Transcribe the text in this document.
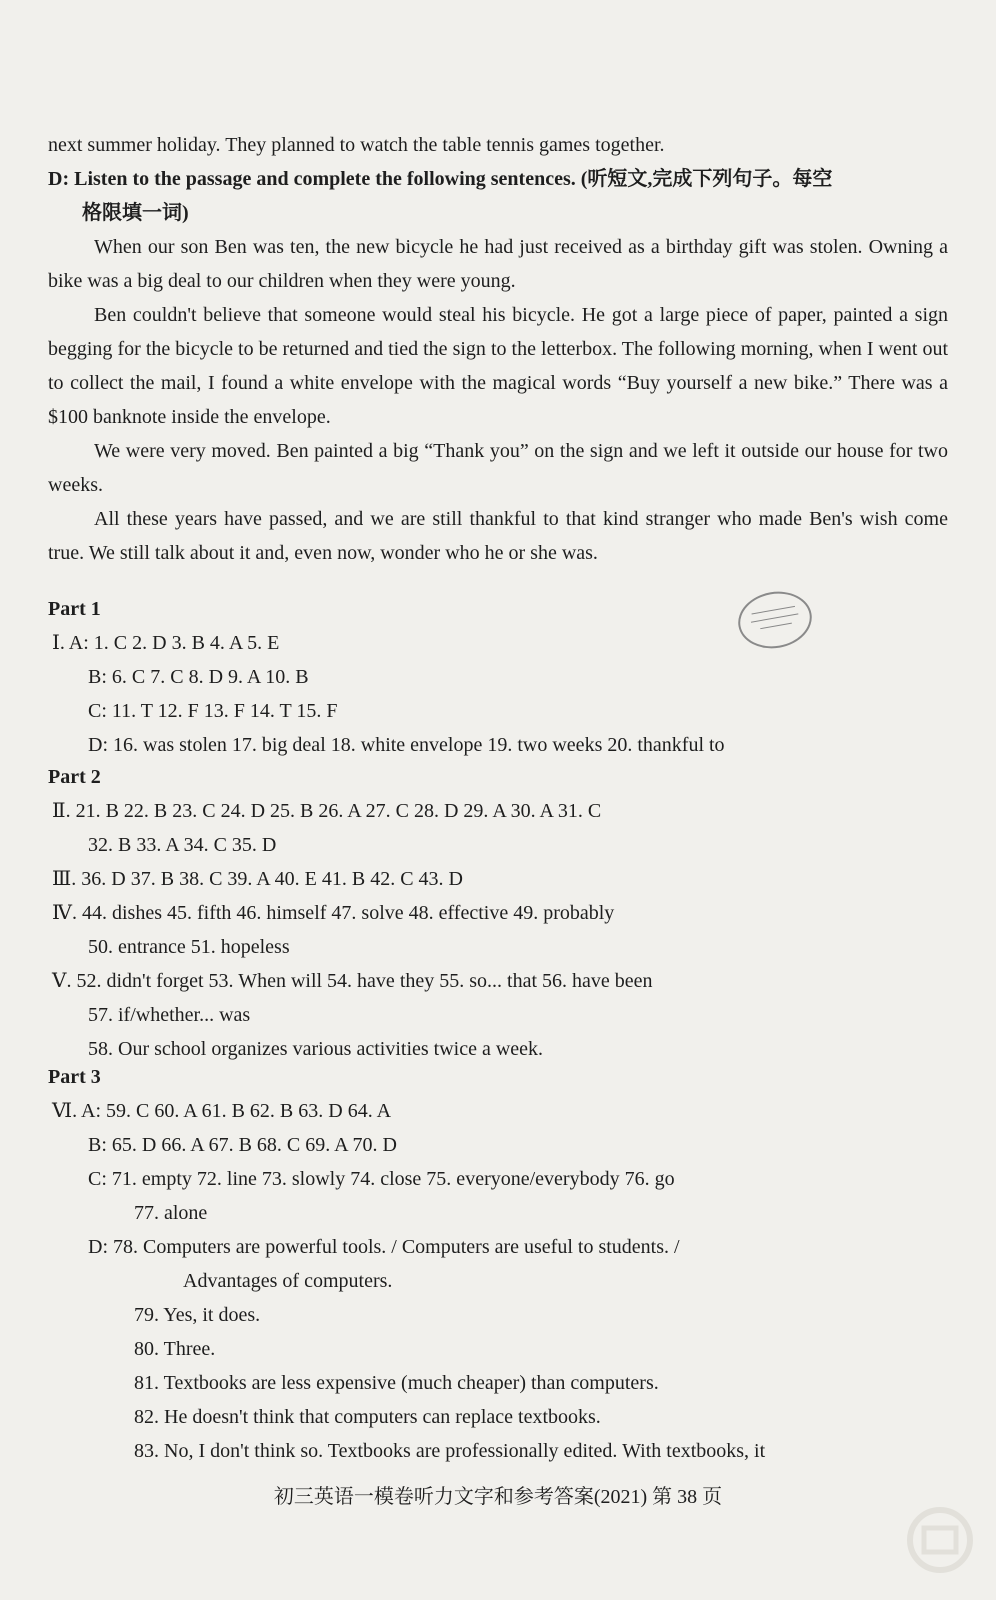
next summer holiday. They planned to watch the table tennis games together.
D: Listen to the passage and complete the following sentences. (听短文,完成下列句子。每空
格限填一词)

When our son Ben was ten, the new bicycle he had just received as a birthday gift was stolen. Owning a bike was a big deal to our children when they were young.

Ben couldn't believe that someone would steal his bicycle. He got a large piece of paper, painted a sign begging for the bicycle to be returned and tied the sign to the letterbox. The following morning, when I went out to collect the mail, I found a white envelope with the magical words “Buy yourself a new bike.” There was a $100 banknote inside the envelope.

We were very moved. Ben painted a big “Thank you” on the sign and we left it outside our house for two weeks.

All these years have passed, and we are still thankful to that kind stranger who made Ben's wish come true. We still talk about it and, even now, wonder who he or she was.

Part 1
Ⅰ. A: 1. C 2. D 3. B 4. A 5. E
B: 6. C 7. C 8. D 9. A 10. B
C: 11. T 12. F 13. F 14. T 15. F
D: 16. was stolen 17. big deal 18. white envelope 19. two weeks 20. thankful to
Part 2
Ⅱ. 21. B 22. B 23. C 24. D 25. B 26. A 27. C 28. D 29. A 30. A 31. C
32. B 33. A 34. C 35. D
Ⅲ. 36. D 37. B 38. C 39. A 40. E 41. B 42. C 43. D
Ⅳ. 44. dishes 45. fifth 46. himself 47. solve 48. effective 49. probably
50. entrance 51. hopeless
Ⅴ. 52. didn't forget 53. When will 54. have they 55. so... that 56. have been
57. if/whether... was
58. Our school organizes various activities twice a week.
Part 3
Ⅵ. A: 59. C 60. A 61. B 62. B 63. D 64. A
B: 65. D 66. A 67. B 68. C 69. A 70. D
C: 71. empty 72. line 73. slowly 74. close 75. everyone/everybody 76. go
77. alone
D: 78. Computers are powerful tools. / Computers are useful to students. /
Advantages of computers.
79. Yes, it does.
80. Three.
81. Textbooks are less expensive (much cheaper) than computers.
82. He doesn't think that computers can replace textbooks.
83. No, I don't think so. Textbooks are professionally edited. With textbooks, it
初三英语一模卷听力文字和参考答案(2021) 第 38 页
